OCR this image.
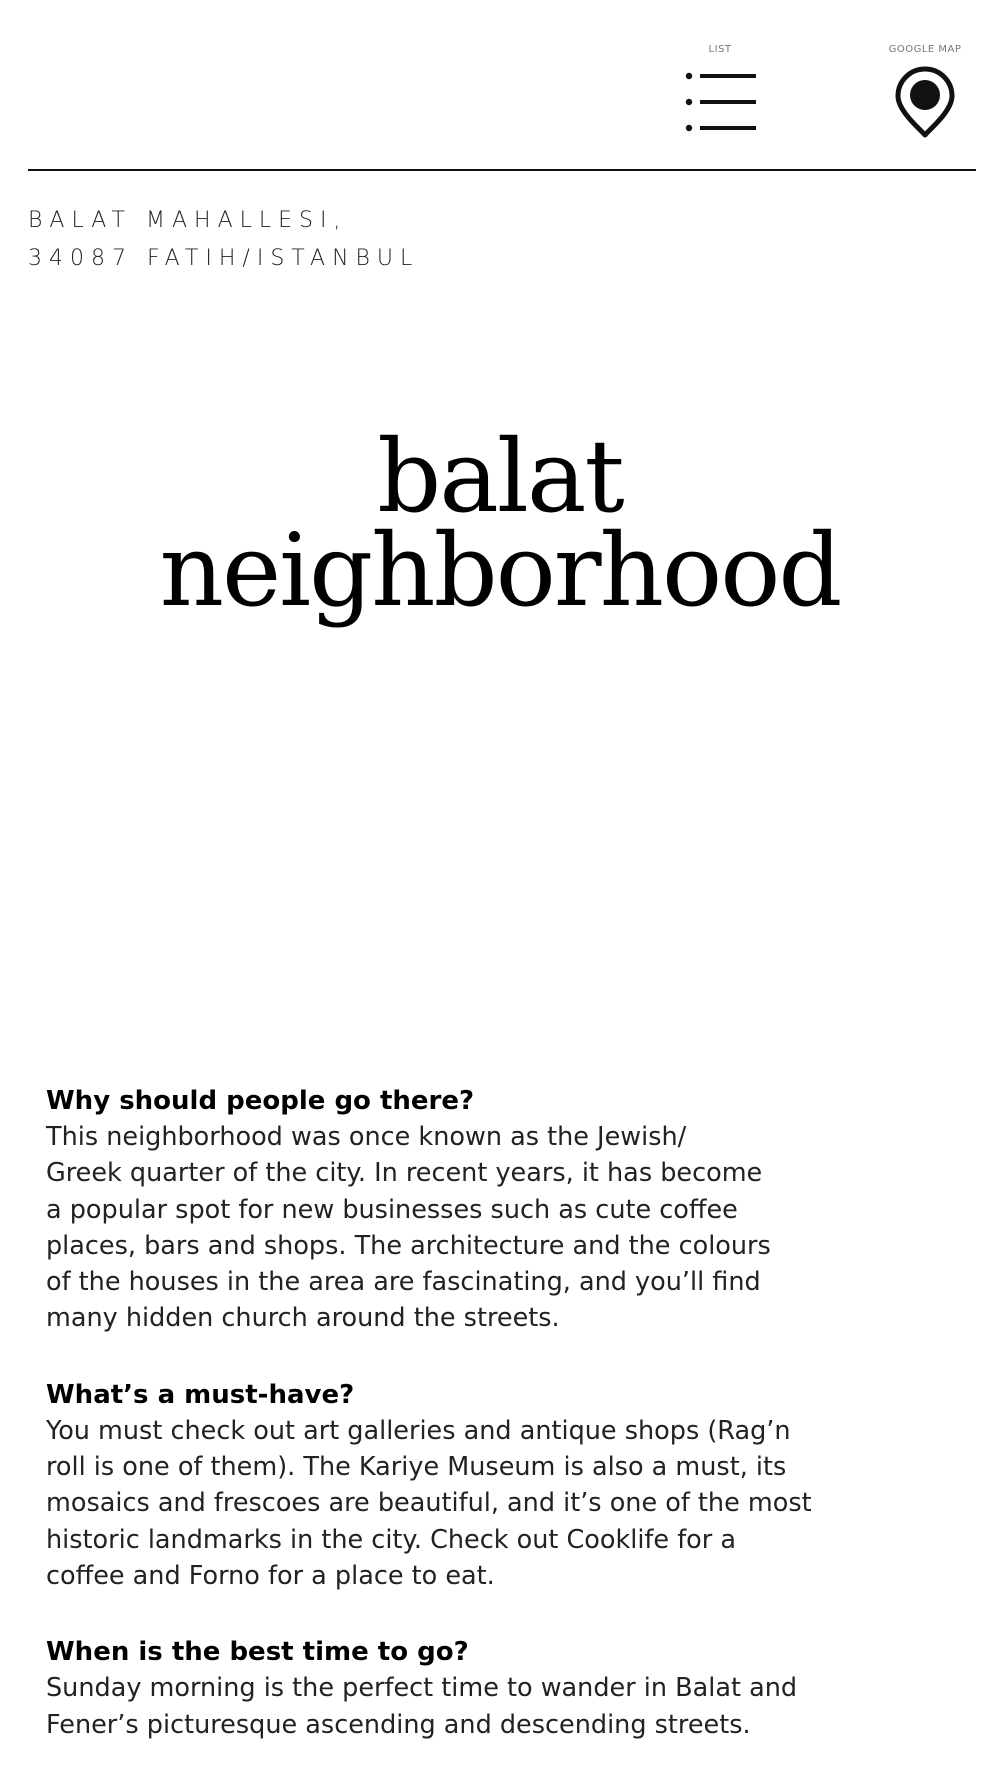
LIST	GOOGLE MAP
BALAT MAHALLESI,
34087 FATIH/ISTANBUL
balat
neighborhood
Why should people go there?
This neighborhood was once known as the Jewish/
Greek quarter of the city. In recent years, it has become
a popular spot for new businesses such as cute coffee
places, bars and shops. The architecture and the colours
of the houses in the area are fascinating, and you’ll find
many hidden church around the streets.
What’s a must-have?
You must check out art galleries and antique shops (Rag’n
roll is one of them). The Kariye Museum is also a must, its
mosaics and frescoes are beautiful, and it’s one of the most
historic landmarks in the city. Check out Cooklife for a
coffee and Forno for a place to eat.
When is the best time to go?
Sunday morning is the perfect time to wander in Balat and
Fener’s picturesque ascending and descending streets.
